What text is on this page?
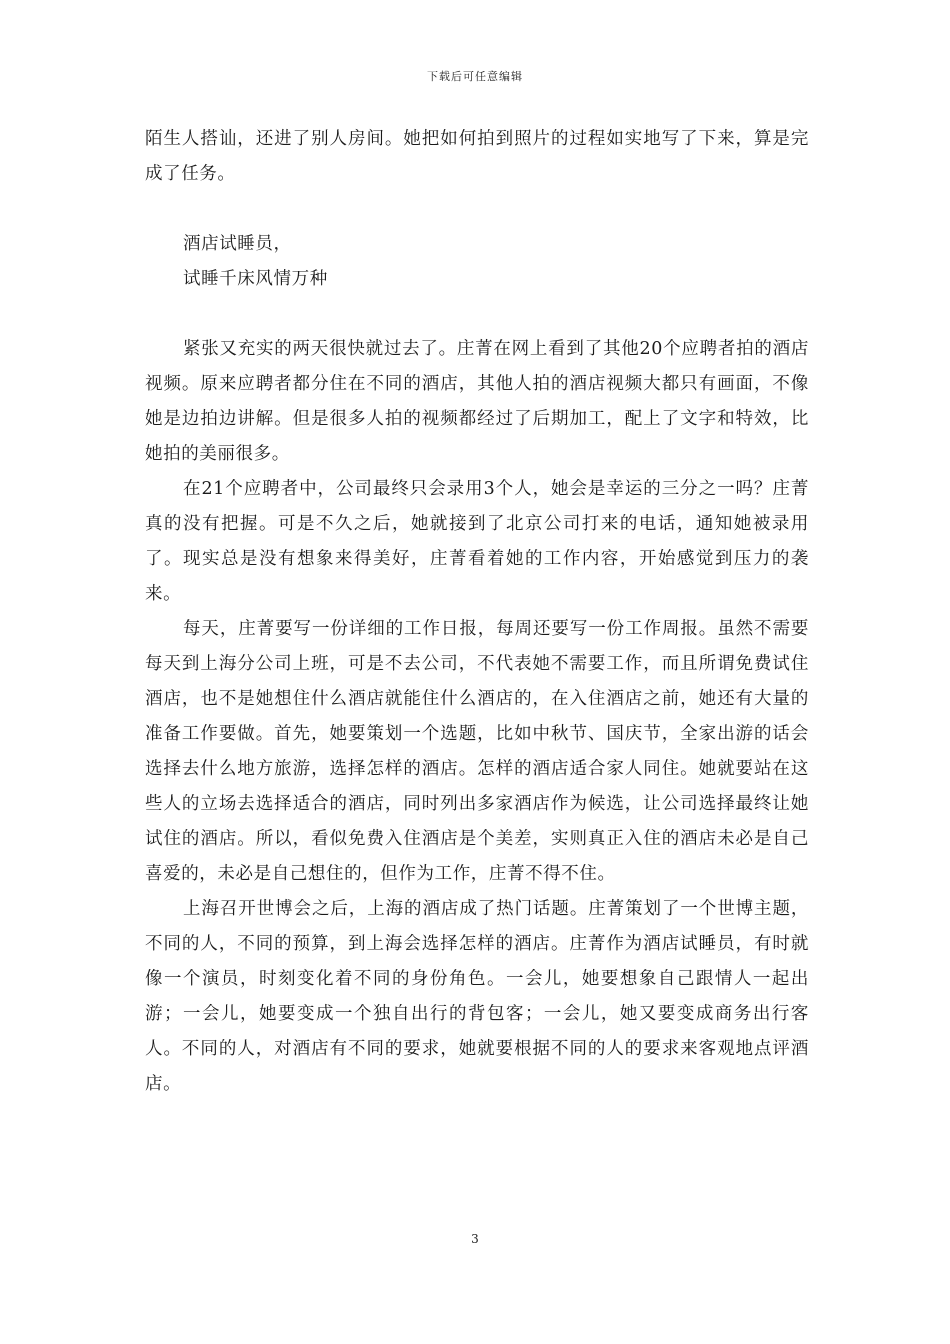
下载后可任意编辑

陌生人搭讪，还进了别人房间。她把如何拍到照片的过程如实地写了下来，算是完成了任务。

酒店试睡员，

试睡千床风情万种

紧张又充实的两天很快就过去了。庄菁在网上看到了其他20个应聘者拍的酒店视频。原来应聘者都分住在不同的酒店，其他人拍的酒店视频大都只有画面，不像她是边拍边讲解。但是很多人拍的视频都经过了后期加工，配上了文字和特效，比她拍的美丽很多。

在21个应聘者中，公司最终只会录用3个人，她会是幸运的三分之一吗？庄菁真的没有把握。可是不久之后，她就接到了北京公司打来的电话，通知她被录用了。现实总是没有想象来得美好，庄菁看着她的工作内容，开始感觉到压力的袭来。

每天，庄菁要写一份详细的工作日报，每周还要写一份工作周报。虽然不需要每天到上海分公司上班，可是不去公司，不代表她不需要工作，而且所谓免费试住酒店，也不是她想住什么酒店就能住什么酒店的，在入住酒店之前，她还有大量的准备工作要做。首先，她要策划一个选题，比如中秋节、国庆节，全家出游的话会选择去什么地方旅游，选择怎样的酒店。怎样的酒店适合家人同住。她就要站在这些人的立场去选择适合的酒店，同时列出多家酒店作为候选，让公司选择最终让她试住的酒店。所以，看似免费入住酒店是个美差，实则真正入住的酒店未必是自己喜爱的，未必是自己想住的，但作为工作，庄菁不得不住。

上海召开世博会之后，上海的酒店成了热门话题。庄菁策划了一个世博主题，不同的人，不同的预算，到上海会选择怎样的酒店。庄菁作为酒店试睡员，有时就像一个演员，时刻变化着不同的身份角色。一会儿，她要想象自己跟情人一起出游；一会儿，她要变成一个独自出行的背包客；一会儿，她又要变成商务出行客人。不同的人，对酒店有不同的要求，她就要根据不同的人的要求来客观地点评酒店。

3
